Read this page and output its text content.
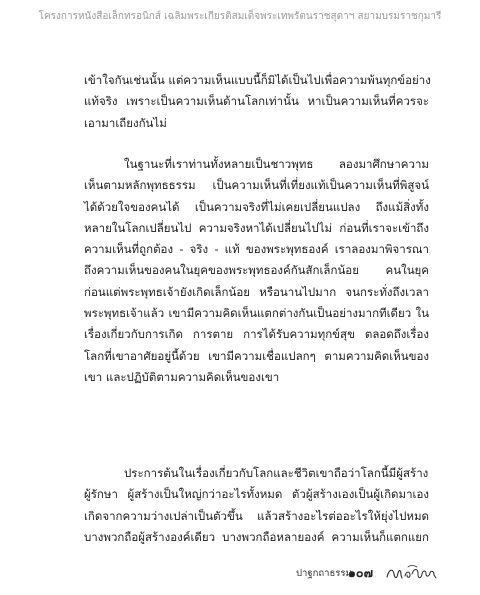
โครงการหนังสือเล็กทรอนิกส์ เฉลิมพระเกียรติสมเด็จพระเทพรัตนราชสุดาฯ สยามบรมราชกุมารี
เข้าใจกันเช่นนั้น แต่ความเห็นแบบนี้ก็มิได้เป็นไปเพื่อความพ้นทุกข์อย่าง
แท้จริง เพราะเป็นความเห็นด้านโลกเท่านั้น หาเป็นความเห็นที่ควรจะ
เอามาเถียงกันไม่
ในฐานะที่เราท่านทั้งหลายเป็นชาวพุทธ ลองมาศึกษาความ
เห็นตามหลักพุทธธรรม เป็นความเห็นที่เที่ยงแท้เป็นความเห็นที่พิสูจน์
ได้ด้วยใจของคนได้ เป็นความจริงที่ไม่เคยเปลี่ยนแปลง ถึงแม้สิ่งทั้ง
หลายในโลกเปลี่ยนไป ความจริงหาได้เปลี่ยนไปไม่ ก่อนที่เราจะเข้าถึง
ความเห็นที่ถูกต้อง - จริง - แท้ ของพระพุทธองค์ เราลองมาพิจารณา
ถึงความเห็นของคนในยุคของพระพุทธองค์กันสักเล็กน้อย คนในยุค
ก่อนแต่พระพุทธเจ้ายังเกิดเล็กน้อย หรือนานไปมาก จนกระทั่งถึงเวลา
พระพุทธเจ้าแล้ว เขามีความคิดเห็นแตกต่างกันเป็นอย่างมากทีเดียว ใน
เรื่องเกี่ยวกับการเกิด การตาย การได้รับความทุกข์สุข ตลอดถึงเรื่อง
โลกที่เขาอาศัยอยู่นี้ด้วย เขามีความเชื่อแปลกๆ ตามความคิดเห็นของ
เขา และปฏิบัติตามความคิดเห็นของเขา
ประการต้นในเรื่องเกี่ยวกับโลกและชีวิตเขาถือว่าโลกนี้มีผู้สร้าง
ผู้รักษา ผู้สร้างเป็นใหญ่กว่าอะไรทั้งหมด ตัวผู้สร้างเองเป็นผู้เกิดมาเอง
เกิดจากความว่างเปล่าเป็นตัวขึ้น แล้วสร้างอะไรต่ออะไรให้ยุ่งไปหมด
บางพวกถือผู้สร้างองค์เดียว บางพวกถือหลายองค์ ความเห็นก็แตกแยก
ปาฐกถาธรรม
๑๐๗
